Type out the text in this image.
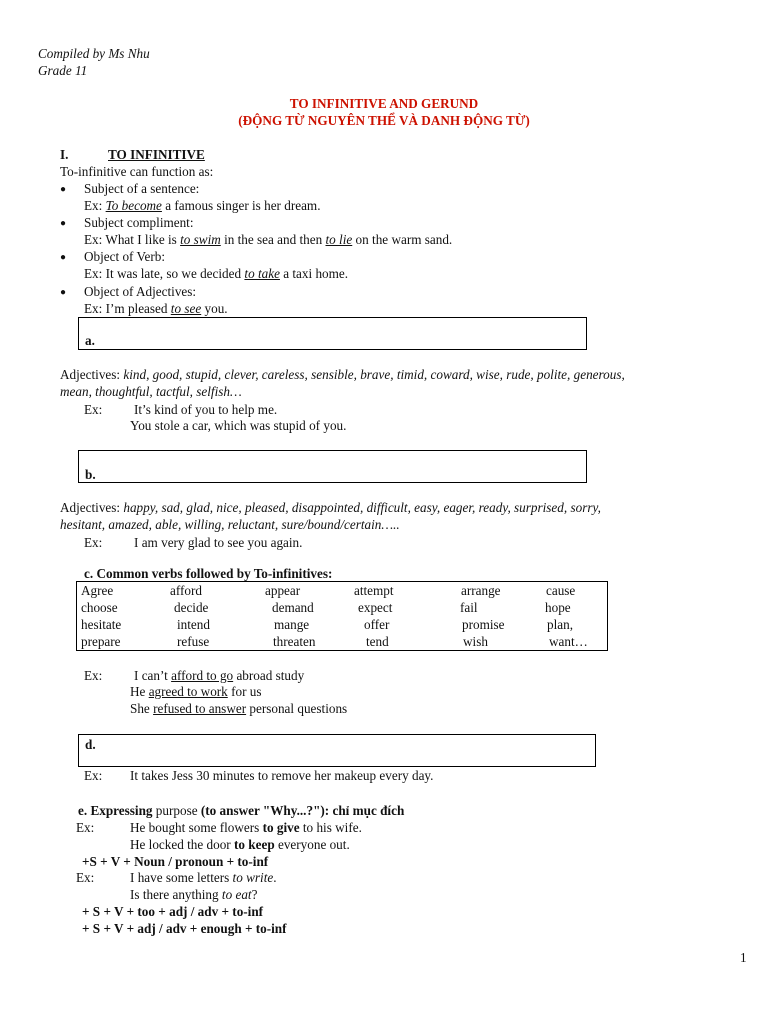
Compiled by Ms Nhu
Grade 11
TO INFINITIVE AND GERUND
(ĐỘNG TỪ NGUYÊN THỂ VÀ DANH ĐỘNG TỪ)
I.	TO INFINITIVE
To-infinitive can function as:
● Subject of a sentence:
Ex: To become a famous singer is her dream.
● Subject compliment:
Ex: What I like is to swim in the sea and then to lie on the warm sand.
● Object of Verb:
Ex: It was late, so we decided to take a taxi home.
● Object of Adjectives:
Ex: I’m pleased to see you.
a.
Adjectives: kind, good, stupid, clever, careless, sensible, brave, timid, coward, wise, rude, polite, generous,
mean, thoughtful, tactful, selfish…
Ex: It’s kind of you to help me.
You stole a car, which was stupid of you.
b.
Adjectives: happy, sad, glad, nice, pleased, disappointed, difficult, easy, eager, ready, surprised, sorry,
hesitant, amazed, able, willing, reluctant, sure/bound/certain…..
Ex: I am very glad to see you again.
c. Common verbs followed by To-infinitives:
Agree	afford	appear	attempt	arrange	cause
choose	decide	demand	expect	fail	hope
hesitate	intend	mange	offer	promise	plan,
prepare	refuse	threaten	tend	wish	want…
Ex: I can’t afford to go abroad study
He agreed to work for us
She refused to answer personal questions
d.
Ex: It takes Jess 30 minutes to remove her makeup every day.
e. Expressing purpose (to answer "Why...?"): chỉ mục đích
Ex:	He bought some flowers to give to his wife.
He locked the door to keep everyone out.
+S + V + Noun / pronoun + to-inf
Ex:	I have some letters to write.
Is there anything to eat?
+ S + V + too + adj / adv + to-inf
+ S + V + adj / adv + enough + to-inf
1
